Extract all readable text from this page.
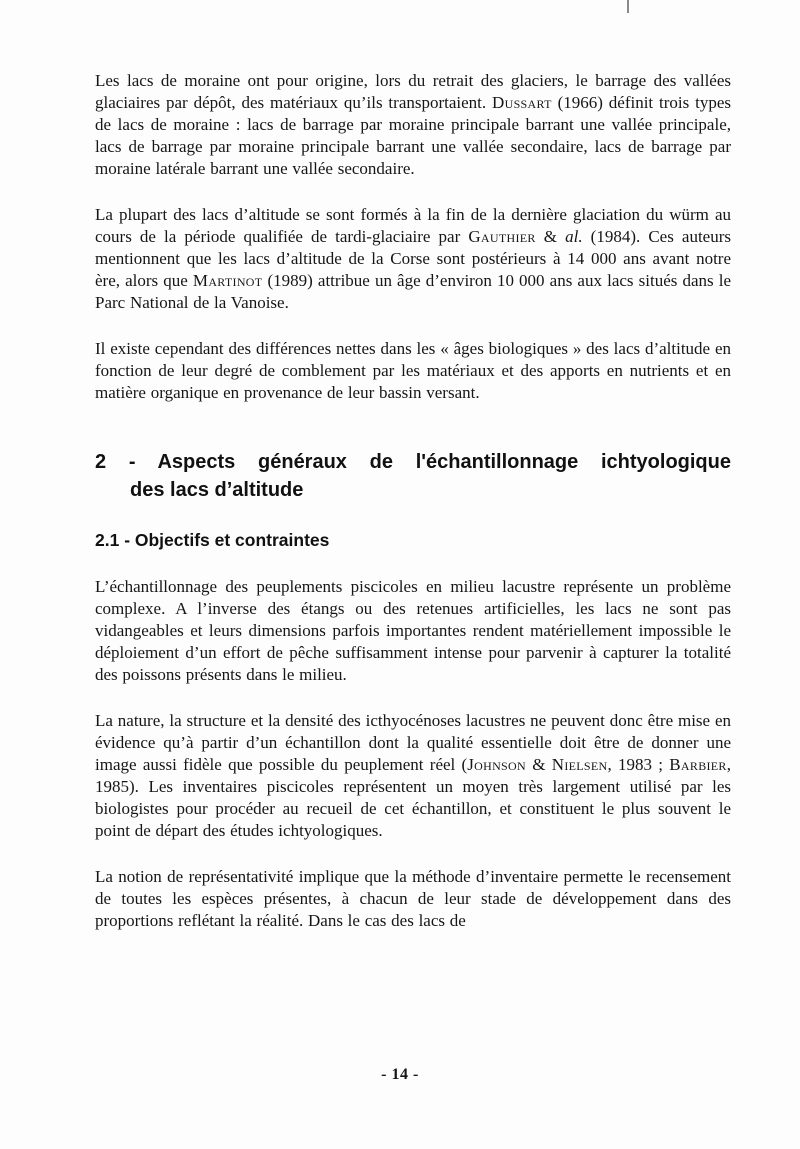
Les lacs de moraine ont pour origine, lors du retrait des glaciers, le barrage des vallées glaciaires par dépôt, des matériaux qu’ils transportaient. Dussart (1966) définit trois types de lacs de moraine : lacs de barrage par moraine principale barrant une vallée principale, lacs de barrage par moraine principale barrant une vallée secondaire, lacs de barrage par moraine latérale barrant une vallée secondaire.

La plupart des lacs d’altitude se sont formés à la fin de la dernière glaciation du würm au cours de la période qualifiée de tardi-glaciaire par Gauthier & al. (1984). Ces auteurs mentionnent que les lacs d’altitude de la Corse sont postérieurs à 14 000 ans avant notre ère, alors que Martinot (1989) attribue un âge d’environ 10 000 ans aux lacs situés dans le Parc National de la Vanoise.

Il existe cependant des différences nettes dans les « âges biologiques » des lacs d’altitude en fonction de leur degré de comblement par les matériaux et des apports en nutrients et en matière organique en provenance de leur bassin versant.

2 - Aspects généraux de l'échantillonnage ichtyologique
des lacs d’altitude
2.1 - Objectifs et contraintes

L’échantillonnage des peuplements piscicoles en milieu lacustre représente un problème complexe. A l’inverse des étangs ou des retenues artificielles, les lacs ne sont pas vidangeables et leurs dimensions parfois importantes rendent matériellement impossible le déploiement d’un effort de pêche suffisamment intense pour parvenir à capturer la totalité des poissons présents dans le milieu.

La nature, la structure et la densité des icthyocénoses lacustres ne peuvent donc être mise en évidence qu’à partir d’un échantillon dont la qualité essentielle doit être de donner une image aussi fidèle que possible du peuplement réel (Johnson & Nielsen, 1983 ; Barbier, 1985). Les inventaires piscicoles représentent un moyen très largement utilisé par les biologistes pour procéder au recueil de cet échantillon, et constituent le plus souvent le point de départ des études ichtyologiques.

La notion de représentativité implique que la méthode d’inventaire permette le recensement de toutes les espèces présentes, à chacun de leur stade de développement dans des proportions reflétant la réalité. Dans le cas des lacs de

- 14 -
